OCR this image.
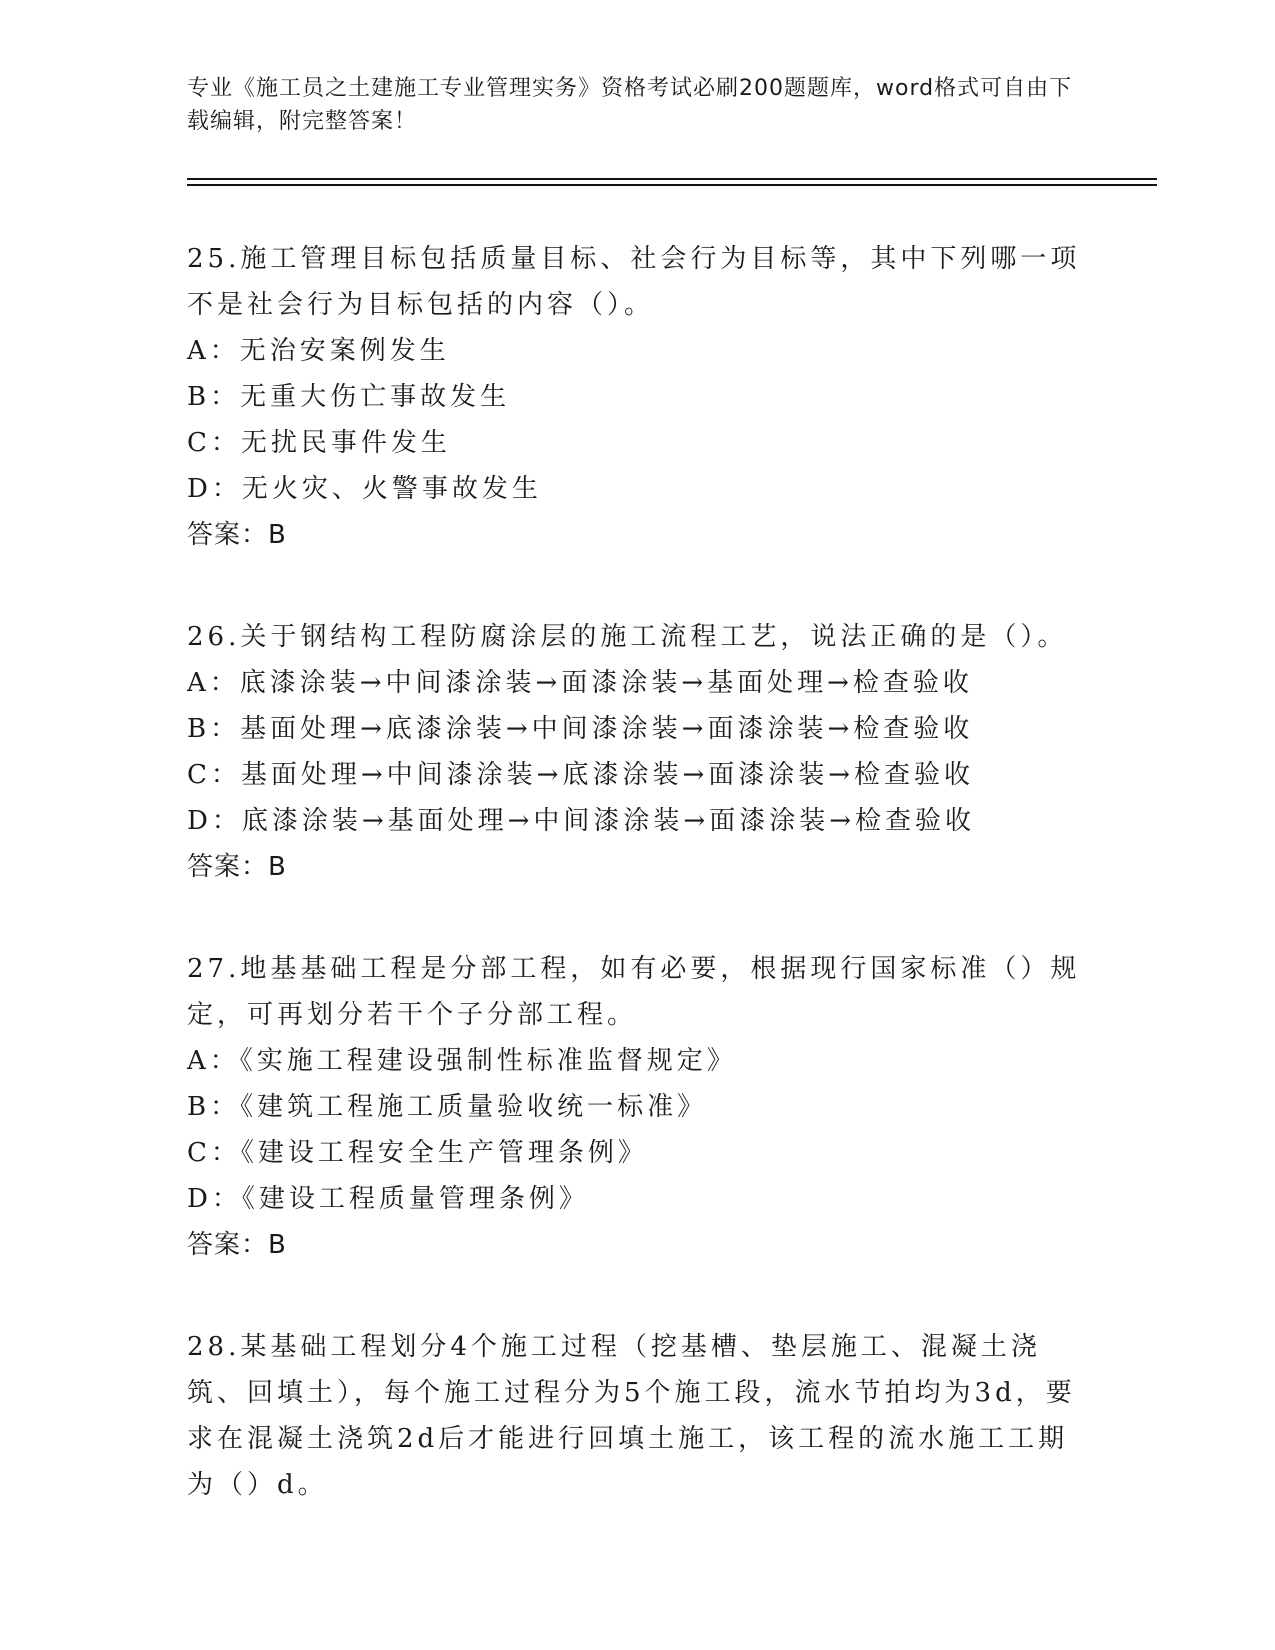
专业《施工员之土建施工专业管理实务》资格考试必刷200题题库，word格式可自由下载编辑，附完整答案！

25.施工管理目标包括质量目标、社会行为目标等，其中下列哪一项不是社会行为目标包括的内容（）。

A：无治安案例发生

B：无重大伤亡事故发生

C：无扰民事件发生

D：无火灾、火警事故发生

答案：B

26.关于钢结构工程防腐涂层的施工流程工艺，说法正确的是（）。

A：底漆涂装→中间漆涂装→面漆涂装→基面处理→检查验收

B：基面处理→底漆涂装→中间漆涂装→面漆涂装→检查验收

C：基面处理→中间漆涂装→底漆涂装→面漆涂装→检查验收

D：底漆涂装→基面处理→中间漆涂装→面漆涂装→检查验收

答案：B

27.地基基础工程是分部工程，如有必要，根据现行国家标准（）规定，可再划分若干个子分部工程。

A：《实施工程建设强制性标准监督规定》

B：《建筑工程施工质量验收统一标准》

C：《建设工程安全生产管理条例》

D：《建设工程质量管理条例》

答案：B

28.某基础工程划分4个施工过程（挖基槽、垫层施工、混凝土浇筑、回填土），每个施工过程分为5个施工段，流水节拍均为3d，要求在混凝土浇筑2d后才能进行回填土施工，该工程的流水施工工期为（）d。
